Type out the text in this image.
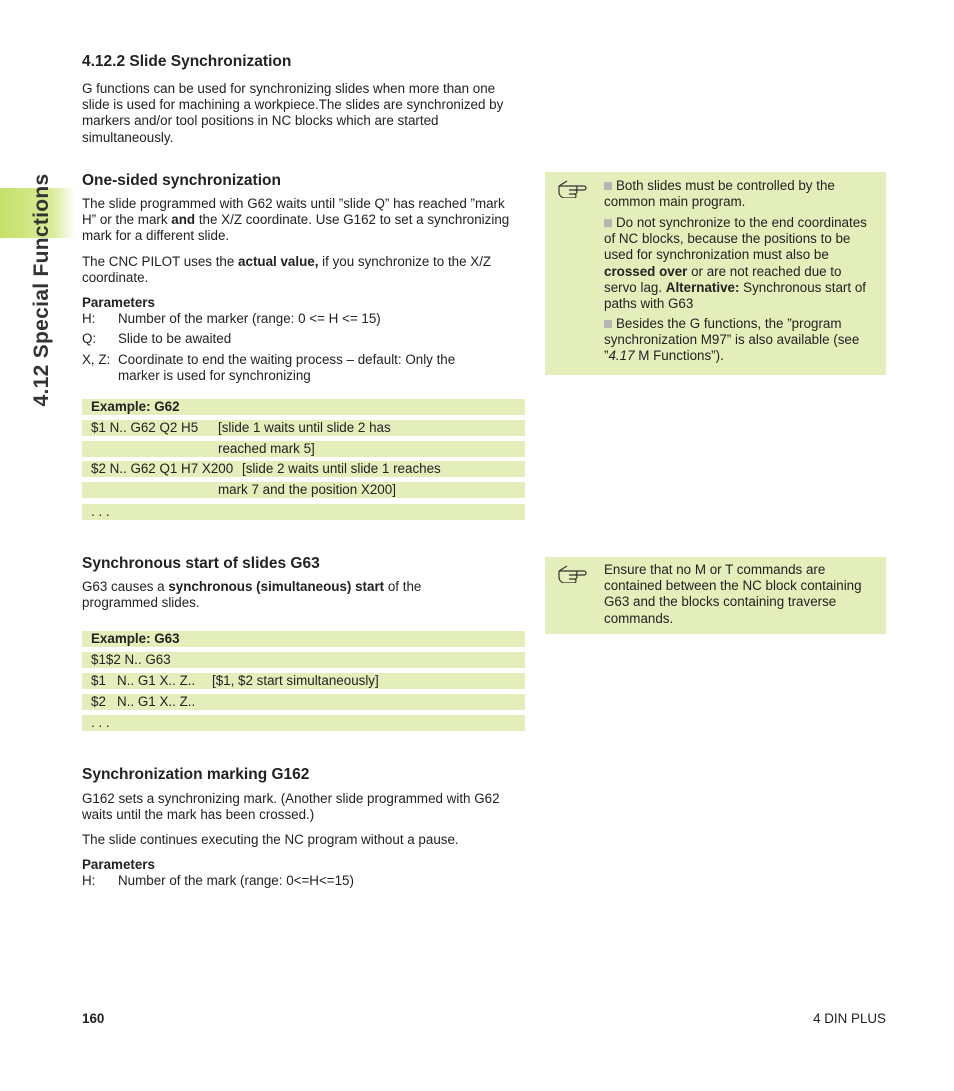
4.12 Special Functions
4.12.2 Slide Synchronization

G functions can be used for synchronizing slides when more than one slide is used for machining a workpiece.The slides are synchronized by markers and/or tool positions in NC blocks which are started simultaneously.

One-sided synchronization

The slide programmed with G62 waits until ”slide Q” has reached ”mark H” or the mark and the X/Z coordinate. Use G162 to set a synchronizing mark for a different slide.

The CNC PILOT uses the actual value, if you synchronize to the X/Z coordinate.

Parameters
H: Number of the marker (range: 0 <= H <= 15)
Q: Slide to be awaited
X, Z: Coordinate to end the waiting process – default: Only the marker is used for synchronizing
Example: G62
$1 N.. G62 Q2 H5 [slide 1 waits until slide 2 has
reached mark 5]
$2 N.. G62 Q1 H7 X200 [slide 2 waits until slide 1 reaches
mark 7 and the position X200]
. . .
Both slides must be controlled by the common main program.
Do not synchronize to the end coordinates of NC blocks, because the positions to be used for synchronization must also be crossed over or are not reached due to servo lag. Alternative: Synchronous start of paths with G63
Besides the G functions, the ”program synchronization M97” is also available (see ”4.17 M Functions”).
Synchronous start of slides G63

G63 causes a synchronous (simultaneous) start of the programmed slides.

Example: G63
$1$2 N.. G63
$1   N.. G1 X.. Z.. [$1, $2 start simultaneously]
$2   N.. G1 X.. Z..
. . .
Ensure that no M or T commands are contained between the NC block containing G63 and the blocks containing traverse commands.
Synchronization marking G162

G162 sets a synchronizing mark. (Another slide programmed with G62 waits until the mark has been crossed.)

The slide continues executing the NC program without a pause.

Parameters
H: Number of the mark (range: 0<=H<=15)
160	4 DIN PLUS
